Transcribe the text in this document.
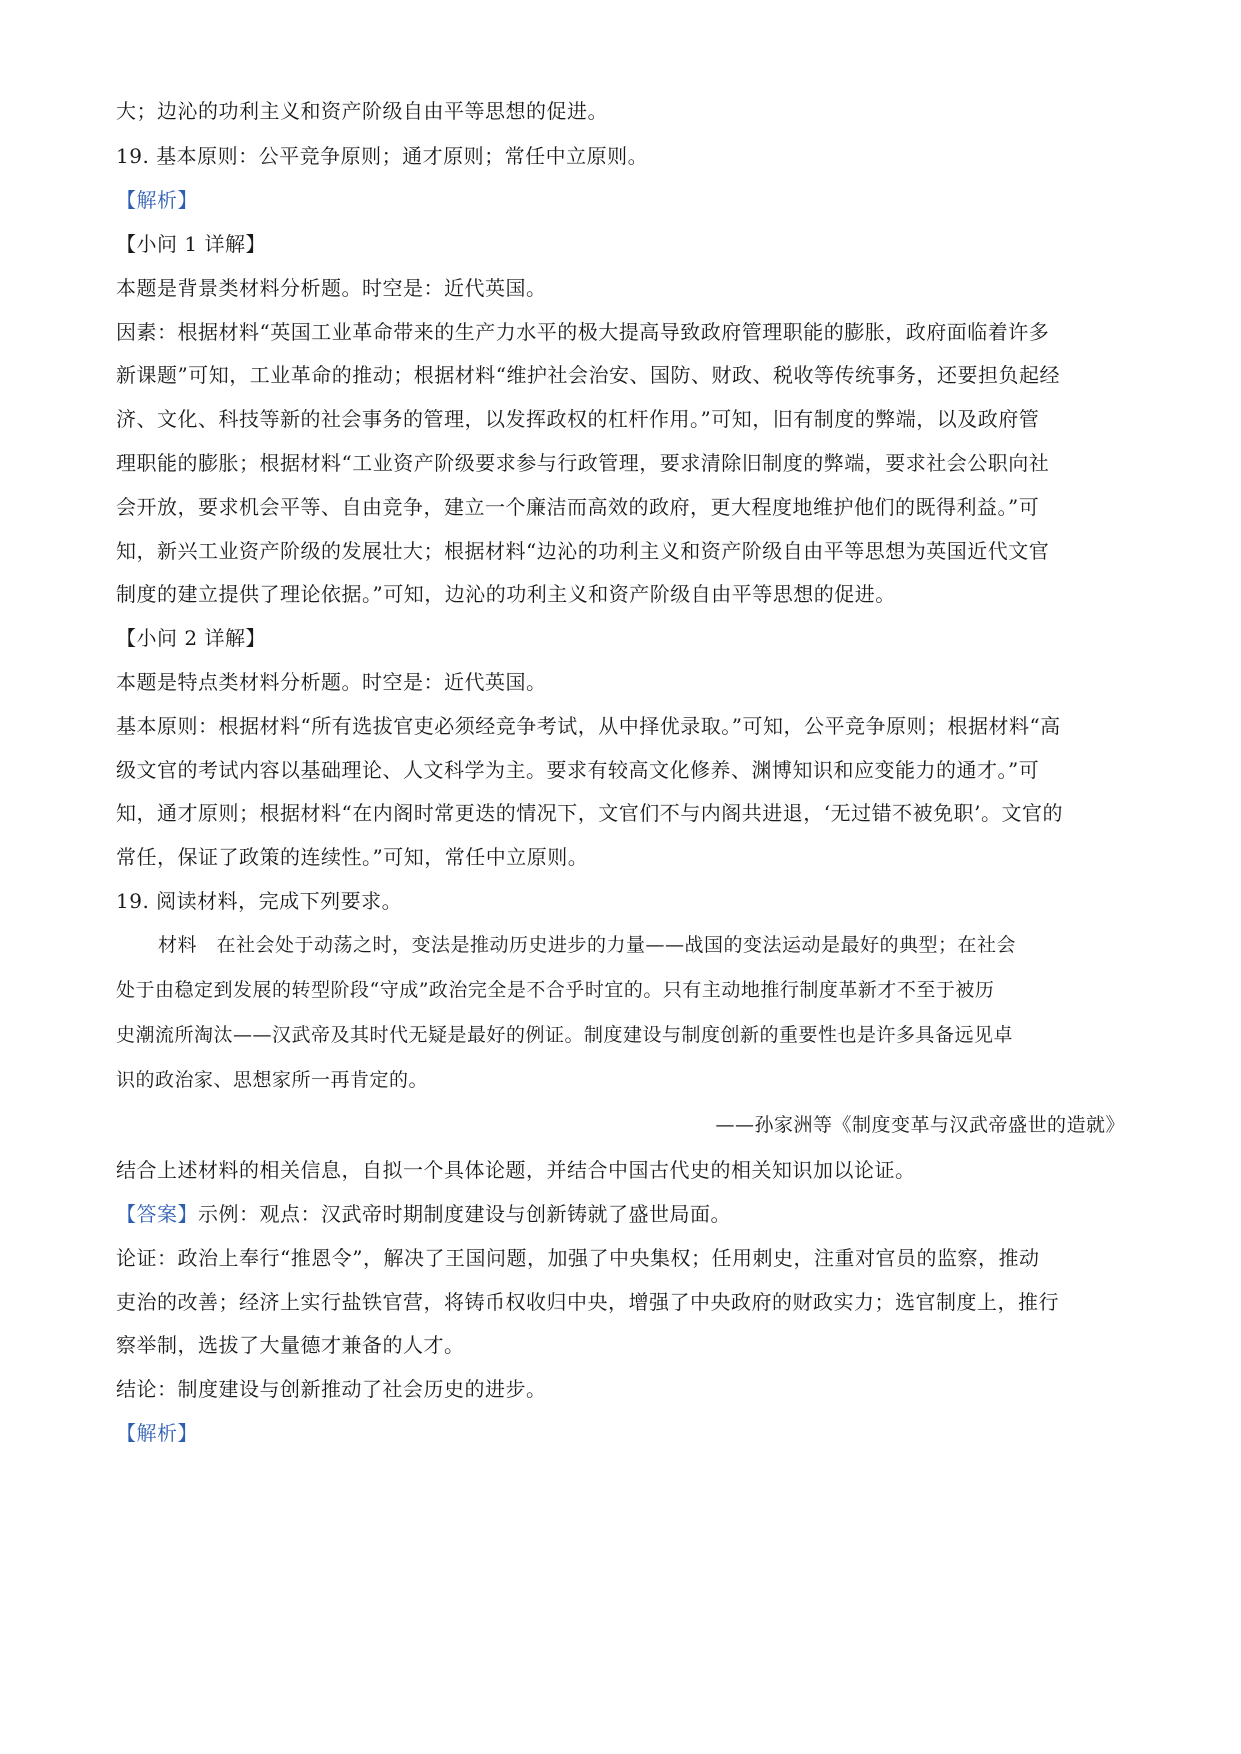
大；边沁的功利主义和资产阶级自由平等思想的促进。
19. 基本原则：公平竞争原则；通才原则；常任中立原则。
【解析】
【小问 1 详解】
本题是背景类材料分析题。时空是：近代英国。
因素：根据材料“英国工业革命带来的生产力水平的极大提高导致政府管理职能的膨胀，政府面临着许多
新课题”可知，工业革命的推动；根据材料“维护社会治安、国防、财政、税收等传统事务，还要担负起经
济、文化、科技等新的社会事务的管理，以发挥政权的杠杆作用。”可知，旧有制度的弊端，以及政府管
理职能的膨胀；根据材料“工业资产阶级要求参与行政管理，要求清除旧制度的弊端，要求社会公职向社
会开放，要求机会平等、自由竞争，建立一个廉洁而高效的政府，更大程度地维护他们的既得利益。”可
知，新兴工业资产阶级的发展壮大；根据材料“边沁的功利主义和资产阶级自由平等思想为英国近代文官
制度的建立提供了理论依据。”可知，边沁的功利主义和资产阶级自由平等思想的促进。
【小问 2 详解】
本题是特点类材料分析题。时空是：近代英国。
基本原则：根据材料“所有选拔官吏必须经竞争考试，从中择优录取。”可知，公平竞争原则；根据材料“高
级文官的考试内容以基础理论、人文科学为主。要求有较高文化修养、渊博知识和应变能力的通才。”可
知，通才原则；根据材料“在内阁时常更迭的情况下，文官们不与内阁共进退，‘无过错不被免职’。文官的
常任，保证了政策的连续性。”可知，常任中立原则。
19. 阅读材料，完成下列要求。
材料　在社会处于动荡之时，变法是推动历史进步的力量——战国的变法运动是最好的典型；在社会
处于由稳定到发展的转型阶段“守成”政治完全是不合乎时宜的。只有主动地推行制度革新才不至于被历
史潮流所淘汰——汉武帝及其时代无疑是最好的例证。制度建设与制度创新的重要性也是许多具备远见卓
识的政治家、思想家所一再肯定的。
——孙家洲等《制度变革与汉武帝盛世的造就》
结合上述材料的相关信息，自拟一个具体论题，并结合中国古代史的相关知识加以论证。
【答案】示例：观点：汉武帝时期制度建设与创新铸就了盛世局面。
论证：政治上奉行“推恩令”，解决了王国问题，加强了中央集权；任用刺史，注重对官员的监察，推动
吏治的改善；经济上实行盐铁官营，将铸币权收归中央，增强了中央政府的财政实力；选官制度上，推行
察举制，选拔了大量德才兼备的人才。
结论：制度建设与创新推动了社会历史的进步。
【解析】
